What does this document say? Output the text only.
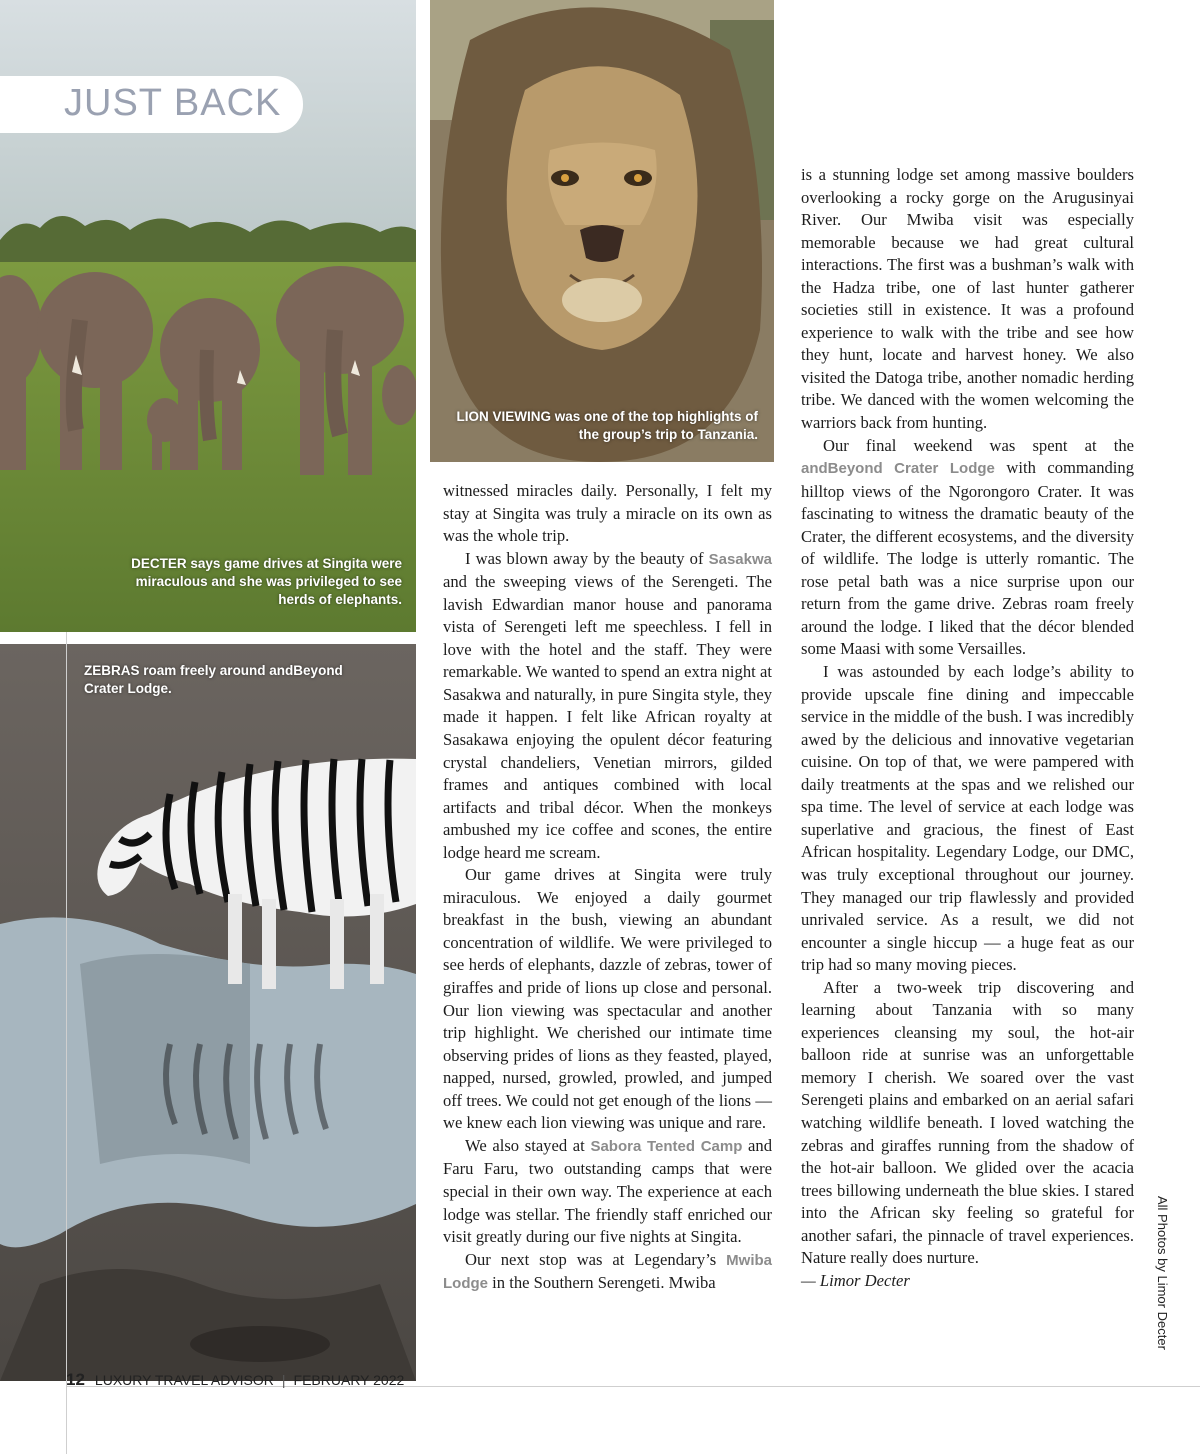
DECTER says game drives at Singita were miraculous and she was privileged to see herds of elephants.

JUST BACK

LION VIEWING was one of the top highlights of the group’s trip to Tanzania.

ZEBRAS roam freely around andBeyond Crater Lodge.

witnessed miracles daily. Personally, I felt my stay at Singita was truly a miracle on its own as was the whole trip.

I was blown away by the beauty of Sasakwa and the sweeping views of the Serengeti. The lavish Edwardian manor house and panorama vista of Serengeti left me speechless. I fell in love with the hotel and the staff. They were remarkable. We wanted to spend an extra night at Sasakwa and naturally, in pure Singita style, they made it happen. I felt like African royalty at Sasakawa enjoying the opulent décor featuring crystal chandeliers, Venetian mirrors, gilded frames and antiques combined with local artifacts and tribal décor. When the monkeys ambushed my ice coffee and scones, the entire lodge heard me scream.

Our game drives at Singita were truly miraculous. We enjoyed a daily gourmet breakfast in the bush, viewing an abundant concentration of wildlife. We were privileged to see herds of elephants, dazzle of zebras, tower of giraffes and pride of lions up close and personal. Our lion viewing was spectacular and another trip highlight. We cherished our intimate time observing prides of lions as they feasted, played, napped, nursed, growled, prowled, and jumped off trees. We could not get enough of the lions — we knew each lion viewing was unique and rare.

We also stayed at Sabora Tented Camp and Faru Faru, two outstanding camps that were special in their own way. The experience at each lodge was stellar. The friendly staff enriched our visit greatly during our five nights at Singita.

Our next stop was at Legendary’s Mwiba Lodge in the Southern Serengeti. Mwiba

is a stunning lodge set among massive boulders overlooking a rocky gorge on the Arugusinyai River. Our Mwiba visit was especially memorable because we had great cultural interactions. The first was a bushman’s walk with the Hadza tribe, one of last hunter gatherer societies still in existence. It was a profound experience to walk with the tribe and see how they hunt, locate and harvest honey. We also visited the Datoga tribe, another nomadic herding tribe. We danced with the women welcoming the warriors back from hunting.

Our final weekend was spent at the andBeyond Crater Lodge with commanding hilltop views of the Ngorongoro Crater. It was fascinating to witness the dramatic beauty of the Crater, the different ecosystems, and the diversity of wildlife. The lodge is utterly romantic. The rose petal bath was a nice surprise upon our return from the game drive. Zebras roam freely around the lodge. I liked that the décor blended some Maasi with some Versailles.

I was astounded by each lodge’s ability to provide upscale fine dining and impeccable service in the middle of the bush. I was incredibly awed by the delicious and innovative vegetarian cuisine. On top of that, we were pampered with daily treatments at the spas and we relished our spa time. The level of service at each lodge was superlative and gracious, the finest of East African hospitality. Legendary Lodge, our DMC, was truly exceptional throughout our journey. They managed our trip flawlessly and provided unrivaled service. As a result, we did not encounter a single hiccup — a huge feat as our trip had so many moving pieces.

After a two-week trip discovering and learning about Tanzania with so many experiences cleansing my soul, the hot-air balloon ride at sunrise was an unforgettable memory I cherish. We soared over the vast Serengeti plains and embarked on an aerial safari watching wildlife beneath. I loved watching the zebras and giraffes running from the shadow of the hot-air balloon. We glided over the acacia trees billowing underneath the blue skies. I stared into the African sky feeling so grateful for another safari, the pinnacle of travel experiences. Nature really does nurture.

— Limor Decter	All Photos by Limor Decter
12 LUXURY TRAVEL ADVISOR | FEBRUARY 2022
